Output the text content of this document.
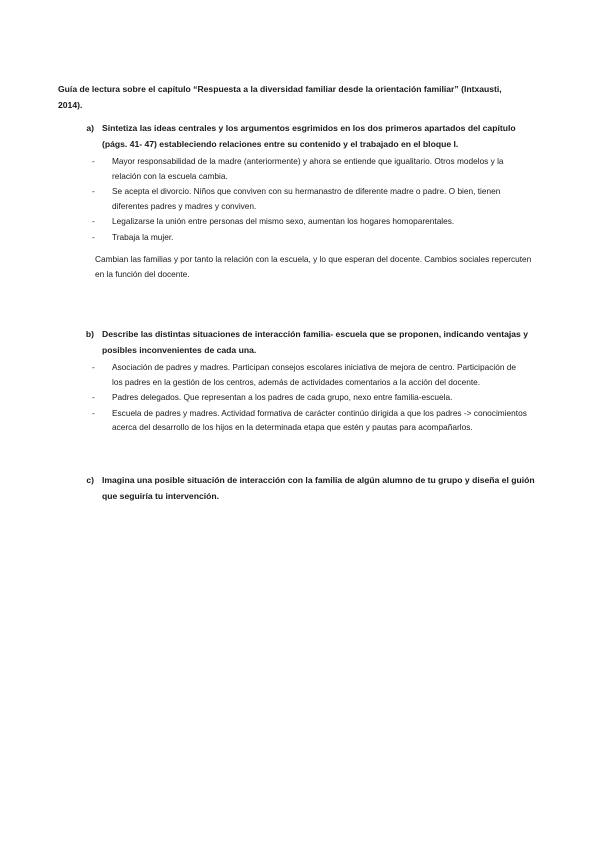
Guía de lectura sobre el capítulo “Respuesta a la diversidad familiar desde la orientación familiar” (Intxausti, 2014).
a) Sintetiza las ideas centrales y los argumentos esgrimidos en los dos primeros apartados del capítulo (págs. 41- 47) estableciendo relaciones entre su contenido y el trabajado en el bloque I.
-	Mayor responsabilidad de la madre (anteriormente) y ahora se entiende que igualitario. Otros modelos y la relación con la escuela cambia.
-	Se acepta el divorcio. Niños que conviven con su hermanastro de diferente madre o padre. O bien, tienen diferentes padres y madres y conviven.
-	Legalizarse la unión entre personas del mismo sexo, aumentan los hogares homoparentales.
-	Trabaja la mujer.
Cambian las familias y por tanto la relación con la escuela, y lo que esperan del docente. Cambios sociales repercuten en la función del docente.
b) Describe las distintas situaciones de interacción familia- escuela que se proponen, indicando ventajas y posibles inconvenientes de cada una.
-	Asociación de padres y madres. Participan consejos escolares iniciativa de mejora de centro. Participación de los padres en la gestión de los centros, además de actividades comentarios a la acción del docente.
-	Padres delegados. Que representan a los padres de cada grupo, nexo entre familia-escuela.
-	Escuela de padres y madres. Actividad formativa de carácter continúo dirigida a que los padres -> conocimientos acerca del desarrollo de los hijos en la determinada etapa que estén y pautas para acompañarlos.
c) Imagina una posible situación de interacción con la familia de algún alumno de tu grupo y diseña el guión que seguiría tu intervención.
